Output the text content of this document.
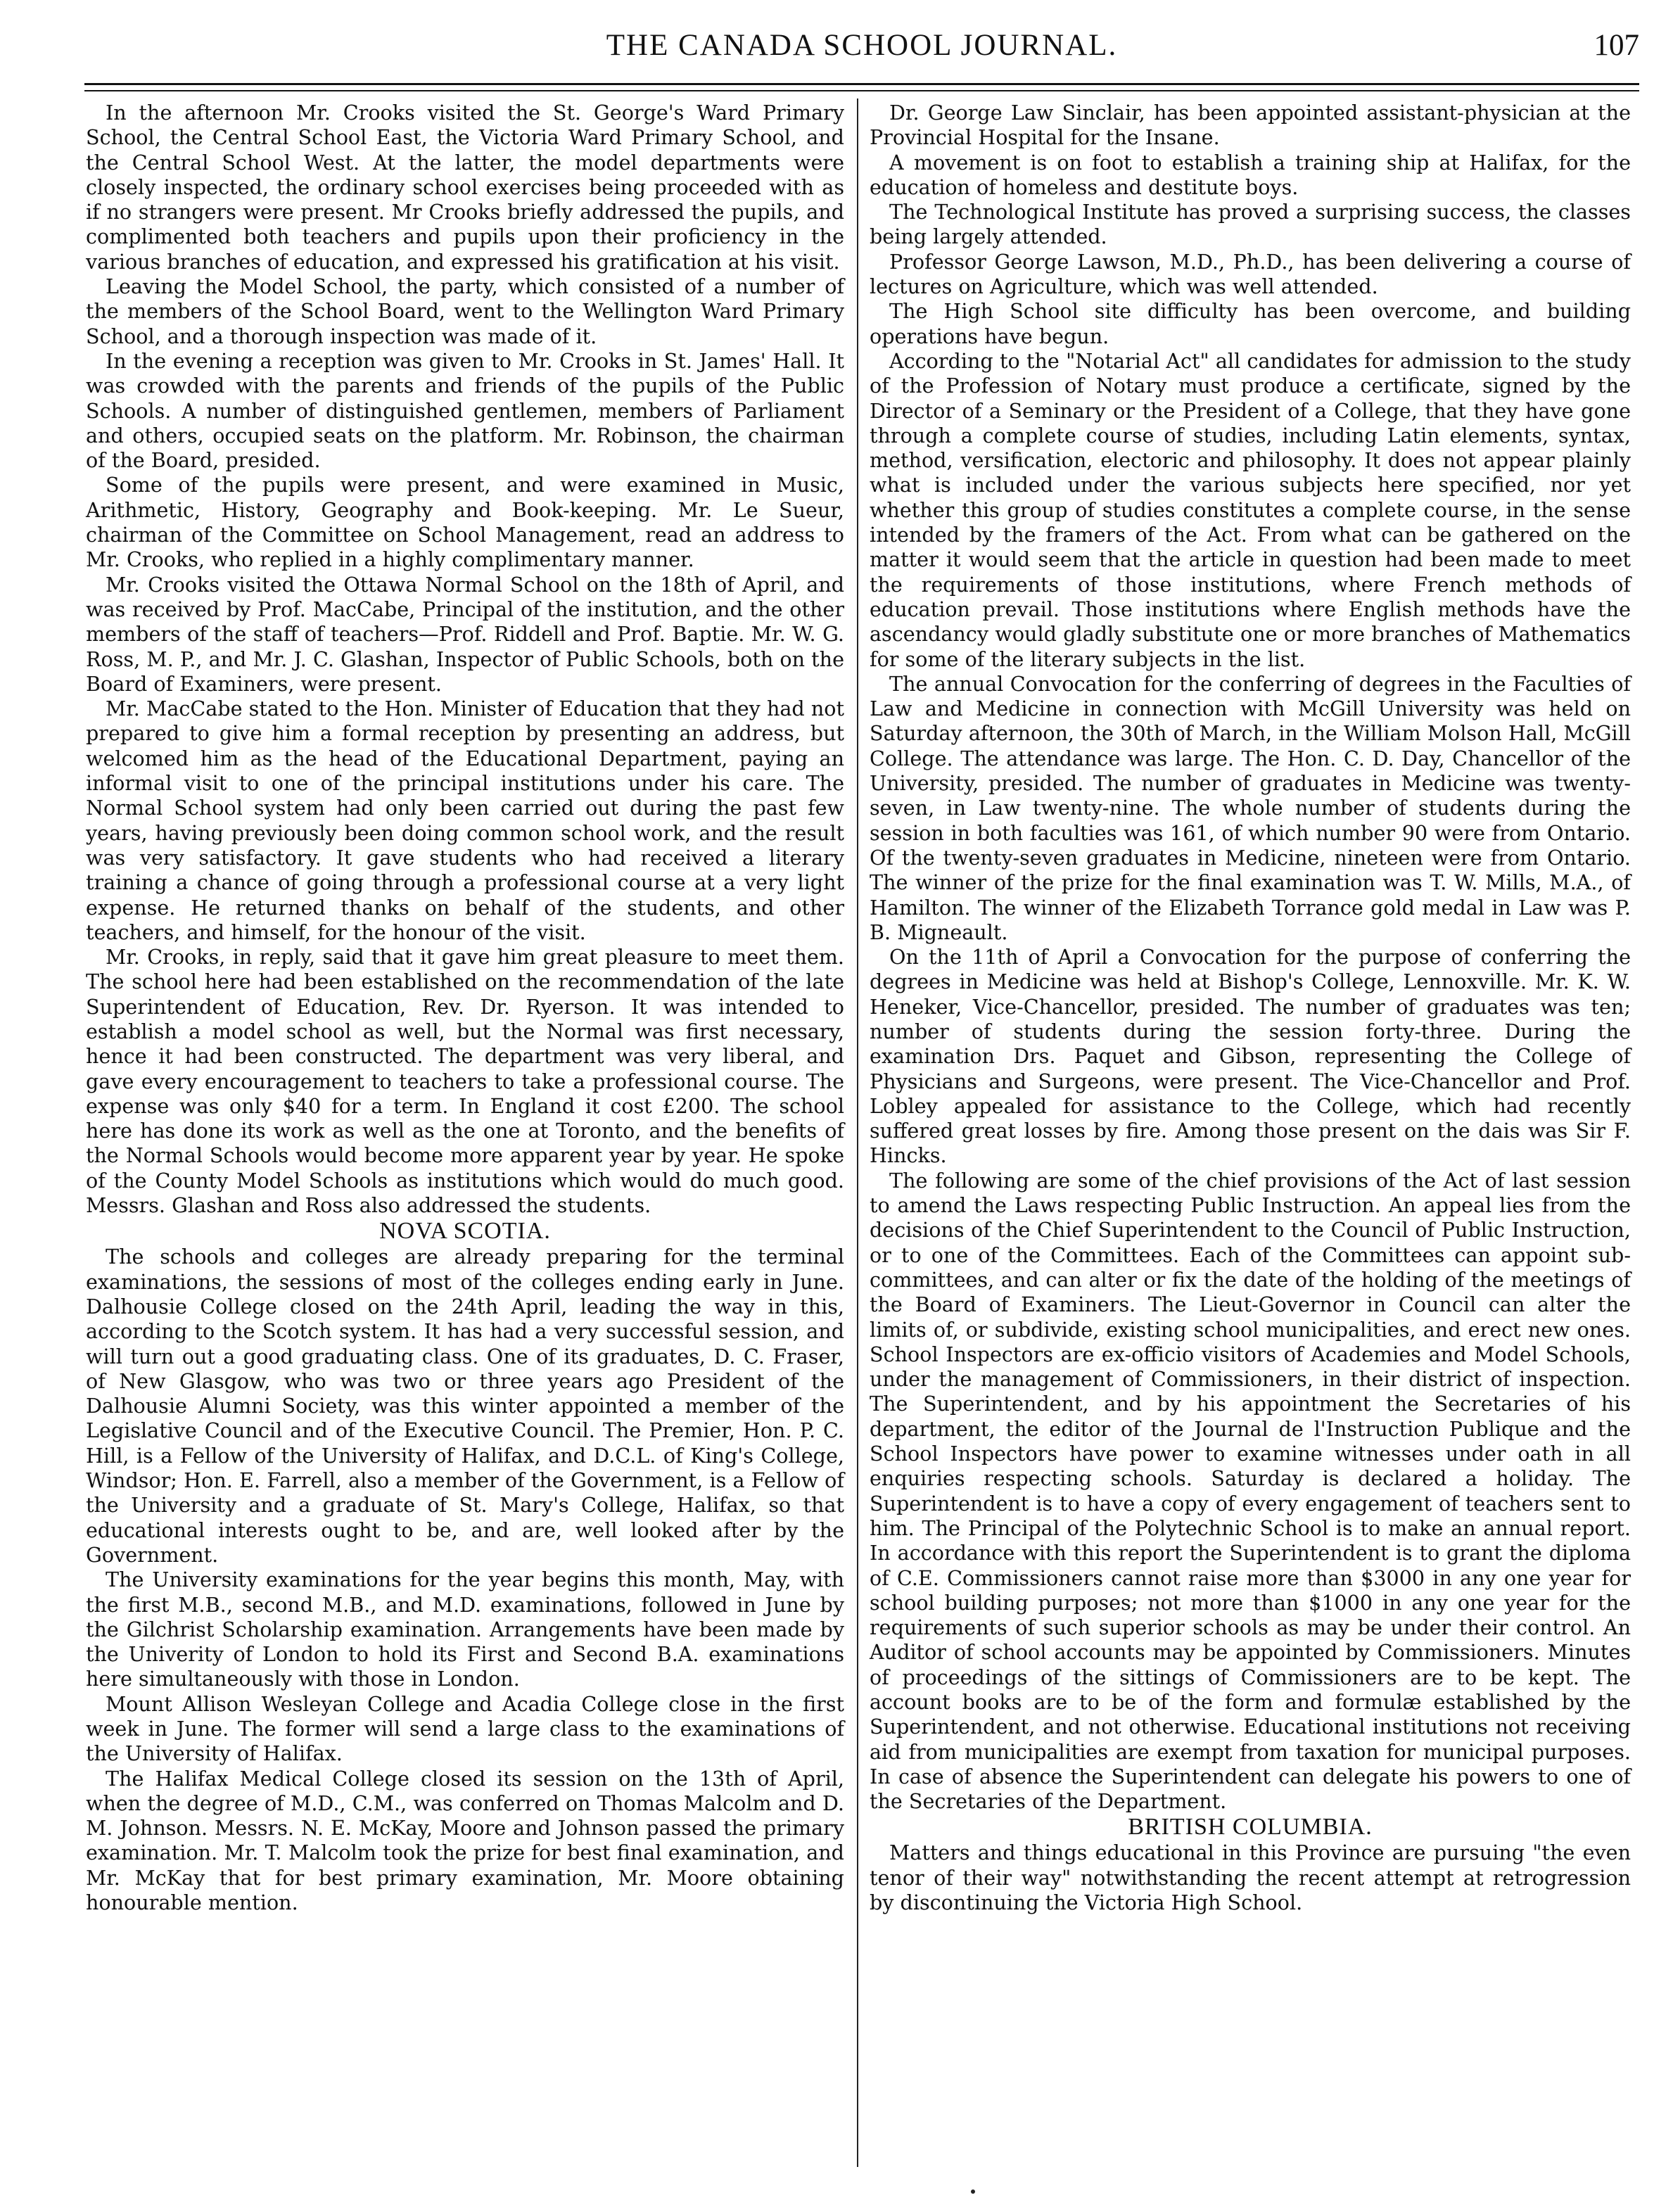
THE CANADA SCHOOL JOURNAL.	107

In the afternoon Mr. Crooks visited the St. George's Ward Primary School, the Central School East, the Victoria Ward Primary School, and the Central School West. At the latter, the model departments were closely inspected, the ordinary school exercises being proceeded with as if no strangers were present. Mr Crooks briefly addressed the pupils, and complimented both teachers and pupils upon their proficiency in the various branches of education, and expressed his gratification at his visit.

Leaving the Model School, the party, which consisted of a number of the members of the School Board, went to the Wellington Ward Primary School, and a thorough inspection was made of it.

In the evening a reception was given to Mr. Crooks in St. James' Hall. It was crowded with the parents and friends of the pupils of the Public Schools. A number of distinguished gentlemen, members of Parliament and others, occupied seats on the platform. Mr. Robinson, the chairman of the Board, presided.

Some of the pupils were present, and were examined in Music, Arithmetic, History, Geography and Book-keeping. Mr. Le Sueur, chairman of the Committee on School Management, read an address to Mr. Crooks, who replied in a highly complimentary manner.

Mr. Crooks visited the Ottawa Normal School on the 18th of April, and was received by Prof. MacCabe, Principal of the institution, and the other members of the staff of teachers—Prof. Riddell and Prof. Baptie. Mr. W. G. Ross, M. P., and Mr. J. C. Glashan, Inspector of Public Schools, both on the Board of Examiners, were present.

Mr. MacCabe stated to the Hon. Minister of Education that they had not prepared to give him a formal reception by presenting an address, but welcomed him as the head of the Educational Department, paying an informal visit to one of the principal institutions under his care. The Normal School system had only been carried out during the past few years, having previously been doing common school work, and the result was very satisfactory. It gave students who had received a literary training a chance of going through a professional course at a very light expense. He returned thanks on behalf of the students, and other teachers, and himself, for the honour of the visit.

Mr. Crooks, in reply, said that it gave him great pleasure to meet them. The school here had been established on the recommendation of the late Superintendent of Education, Rev. Dr. Ryerson. It was intended to establish a model school as well, but the Normal was first necessary, hence it had been constructed. The department was very liberal, and gave every encouragement to teachers to take a professional course. The expense was only $40 for a term. In England it cost £200. The school here has done its work as well as the one at Toronto, and the benefits of the Normal Schools would become more apparent year by year. He spoke of the County Model Schools as institutions which would do much good. Messrs. Glashan and Ross also addressed the students.

NOVA SCOTIA.

The schools and colleges are already preparing for the terminal examinations, the sessions of most of the colleges ending early in June. Dalhousie College closed on the 24th April, leading the way in this, according to the Scotch system. It has had a very successful session, and will turn out a good graduating class. One of its graduates, D. C. Fraser, of New Glasgow, who was two or three years ago President of the Dalhousie Alumni Society, was this winter appointed a member of the Legislative Council and of the Executive Council. The Premier, Hon. P. C. Hill, is a Fellow of the University of Halifax, and D.C.L. of King's College, Windsor; Hon. E. Farrell, also a member of the Government, is a Fellow of the University and a graduate of St. Mary's College, Halifax, so that educational interests ought to be, and are, well looked after by the Government.

The University examinations for the year begins this month, May, with the first M.B., second M.B., and M.D. examinations, followed in June by the Gilchrist Scholarship examination. Arrangements have been made by the Univerity of London to hold its First and Second B.A. examinations here simultaneously with those in London.

Mount Allison Wesleyan College and Acadia College close in the first week in June. The former will send a large class to the examinations of the University of Halifax.

The Halifax Medical College closed its session on the 13th of April, when the degree of M.D., C.M., was conferred on Thomas Malcolm and D. M. Johnson. Messrs. N. E. McKay, Moore and Johnson passed the primary examination. Mr. T. Malcolm took the prize for best final examination, and Mr. McKay that for best primary examination, Mr. Moore obtaining honourable mention.

Dr. George Law Sinclair, has been appointed assistant-physician at the Provincial Hospital for the Insane.

A movement is on foot to establish a training ship at Halifax, for the education of homeless and destitute boys.

The Technological Institute has proved a surprising success, the classes being largely attended.

Professor George Lawson, M.D., Ph.D., has been delivering a course of lectures on Agriculture, which was well attended.

The High School site difficulty has been overcome, and building operations have begun.

According to the "Notarial Act" all candidates for admission to the study of the Profession of Notary must produce a certificate, signed by the Director of a Seminary or the President of a College, that they have gone through a complete course of studies, including Latin elements, syntax, method, versification, electoric and philosophy. It does not appear plainly what is included under the various subjects here specified, nor yet whether this group of studies constitutes a complete course, in the sense intended by the framers of the Act. From what can be gathered on the matter it would seem that the article in question had been made to meet the requirements of those institutions, where French methods of education prevail. Those institutions where English methods have the ascendancy would gladly substitute one or more branches of Mathematics for some of the literary subjects in the list.

The annual Convocation for the conferring of degrees in the Faculties of Law and Medicine in connection with McGill University was held on Saturday afternoon, the 30th of March, in the William Molson Hall, McGill College. The attendance was large. The Hon. C. D. Day, Chancellor of the University, presided. The number of graduates in Medicine was twenty-seven, in Law twenty-nine. The whole number of students during the session in both faculties was 161, of which number 90 were from Ontario. Of the twenty-seven graduates in Medicine, nineteen were from Ontario. The winner of the prize for the final examination was T. W. Mills, M.A., of Hamilton. The winner of the Elizabeth Torrance gold medal in Law was P. B. Migneault.

On the 11th of April a Convocation for the purpose of conferring the degrees in Medicine was held at Bishop's College, Lennoxville. Mr. K. W. Heneker, Vice-Chancellor, presided. The number of graduates was ten; number of students during the session forty-three. During the examination Drs. Paquet and Gibson, representing the College of Physicians and Surgeons, were present. The Vice-Chancellor and Prof. Lobley appealed for assistance to the College, which had recently suffered great losses by fire. Among those present on the dais was Sir F. Hincks.

The following are some of the chief provisions of the Act of last session to amend the Laws respecting Public Instruction. An appeal lies from the decisions of the Chief Superintendent to the Council of Public Instruction, or to one of the Committees. Each of the Committees can appoint sub-committees, and can alter or fix the date of the holding of the meetings of the Board of Examiners. The Lieut-Governor in Council can alter the limits of, or subdivide, existing school municipalities, and erect new ones. School Inspectors are ex-officio visitors of Academies and Model Schools, under the management of Commissioners, in their district of inspection. The Superintendent, and by his appointment the Secretaries of his department, the editor of the Journal de l'Instruction Publique and the School Inspectors have power to examine witnesses under oath in all enquiries respecting schools. Saturday is declared a holiday. The Superintendent is to have a copy of every engagement of teachers sent to him. The Principal of the Polytechnic School is to make an annual report. In accordance with this report the Superintendent is to grant the diploma of C.E. Commissioners cannot raise more than $3000 in any one year for school building purposes; not more than $1000 in any one year for the requirements of such superior schools as may be under their control. An Auditor of school accounts may be appointed by Commissioners. Minutes of proceedings of the sittings of Commissioners are to be kept. The account books are to be of the form and formulæ established by the Superintendent, and not otherwise. Educational institutions not receiving aid from municipalities are exempt from taxation for municipal purposes. In case of absence the Superintendent can delegate his powers to one of the Secretaries of the Department.

BRITISH COLUMBIA.

Matters and things educational in this Province are pursuing "the even tenor of their way" notwithstanding the recent attempt at retrogression by discontinuing the Victoria High School.
